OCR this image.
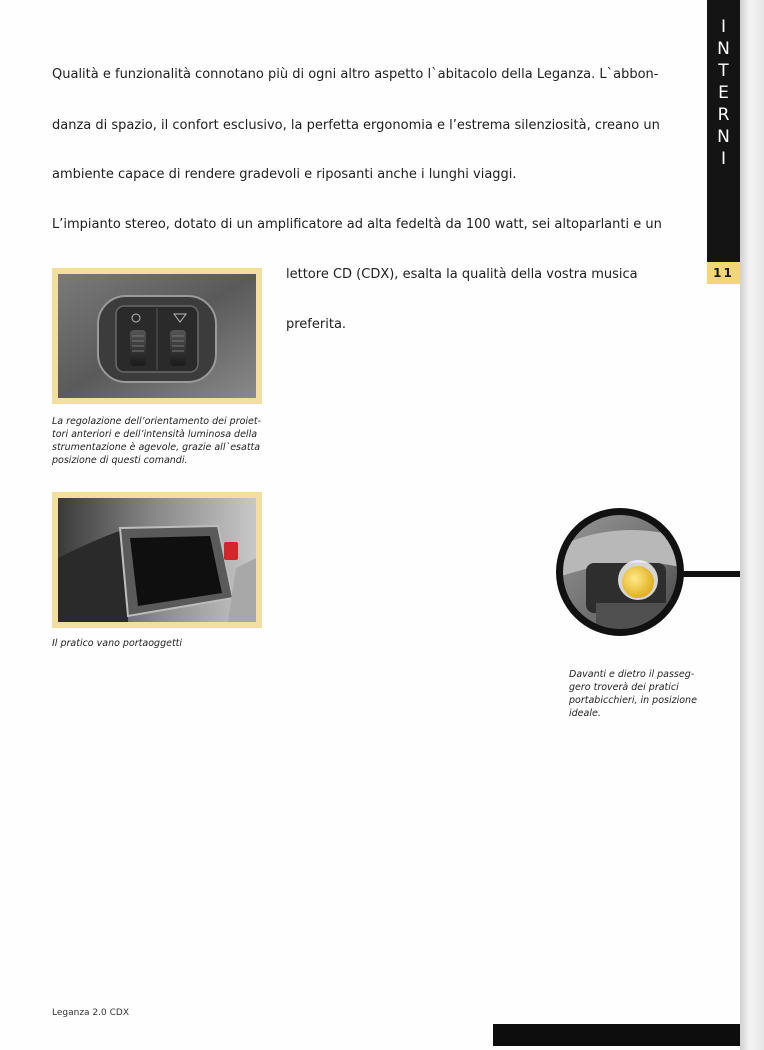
I
N
T
E
R
N
I
11
Qualità e funzionalità connotano più di ogni altro aspetto l`abitacolo della Leganza. L`abbon-
danza di spazio, il confort esclusivo, la perfetta ergonomia e l’estrema silenziosità, creano un
ambiente capace di rendere gradevoli e riposanti anche i lunghi viaggi.
L’impianto stereo, dotato di un amplificatore ad alta fedeltà da 100 watt, sei altoparlanti e un
lettore CD (CDX), esalta la qualità della vostra musica
preferita.
La regolazione dell’orientamento dei proiet-
tori anteriori e dell’intensità luminosa della
strumentazione è agevole, grazie all`esatta
posizione di questi comandi.
Il pratico vano portaoggetti
Davanti e dietro il passeg-
gero troverà dei pratici
portabicchieri, in posizione
ideale.
Leganza 2.0 CDX
